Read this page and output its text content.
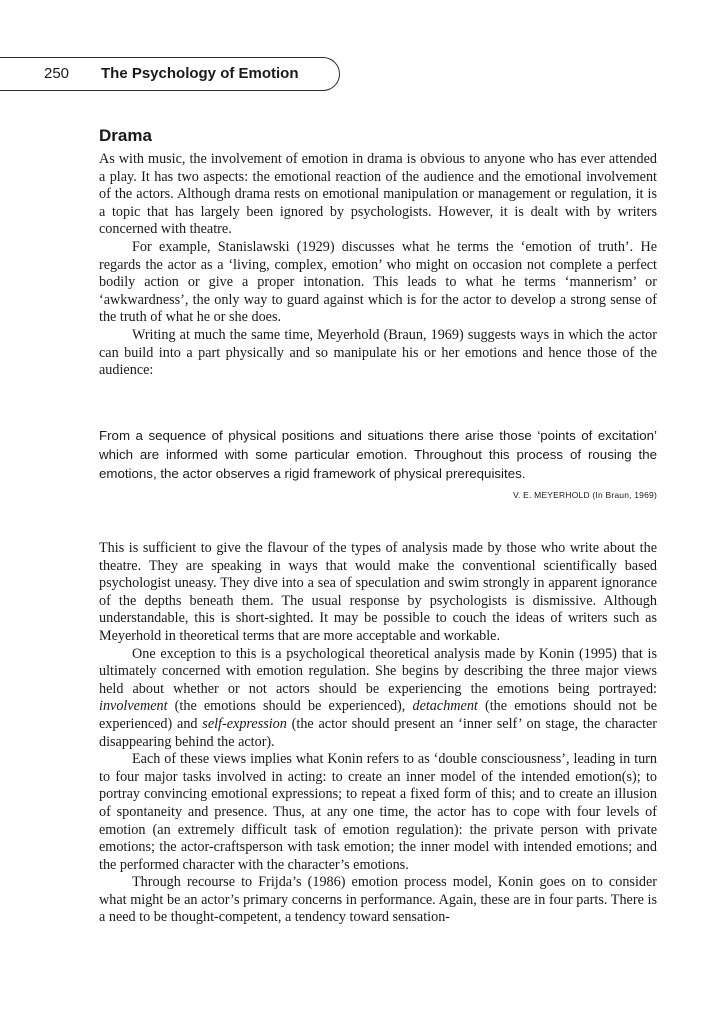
250 The Psychology of Emotion
Drama

As with music, the involvement of emotion in drama is obvious to anyone who has ever attended a play. It has two aspects: the emotional reaction of the audience and the emotional involvement of the actors. Although drama rests on emotional manipulation or management or regulation, it is a topic that has largely been ignored by psychologists. However, it is dealt with by writers concerned with theatre.

For example, Stanislawski (1929) discusses what he terms the ‘emotion of truth’. He regards the actor as a ‘living, complex, emotion’ who might on occasion not complete a perfect bodily action or give a proper intonation. This leads to what he terms ‘mannerism’ or ‘awkwardness’, the only way to guard against which is for the actor to develop a strong sense of the truth of what he or she does.

Writing at much the same time, Meyerhold (Braun, 1969) suggests ways in which the actor can build into a part physically and so manipulate his or her emotions and hence those of the audience:

From a sequence of physical positions and situations there arise those ‘points of excitation’ which are informed with some particular emotion. Throughout this process of rousing the emotions, the actor observes a rigid framework of physical prerequisites.

V. E. MEYERHOLD (In Braun, 1969)

This is sufficient to give the flavour of the types of analysis made by those who write about the theatre. They are speaking in ways that would make the conventional scientifically based psychologist uneasy. They dive into a sea of speculation and swim strongly in apparent ignorance of the depths beneath them. The usual response by psychologists is dismissive. Although understandable, this is short-sighted. It may be possible to couch the ideas of writers such as Meyerhold in theoretical terms that are more acceptable and workable.

One exception to this is a psychological theoretical analysis made by Konin (1995) that is ultimately concerned with emotion regulation. She begins by describing the three major views held about whether or not actors should be experiencing the emotions being portrayed: involvement (the emotions should be experienced), detachment (the emotions should not be experienced) and self-expression (the actor should present an ‘inner self’ on stage, the character disappearing behind the actor).

Each of these views implies what Konin refers to as ‘double consciousness’, leading in turn to four major tasks involved in acting: to create an inner model of the intended emotion(s); to portray convincing emotional expressions; to repeat a fixed form of this; and to create an illusion of spontaneity and presence. Thus, at any one time, the actor has to cope with four levels of emotion (an extremely difficult task of emotion regulation): the private person with private emotions; the actor-craftsperson with task emotion; the inner model with intended emotions; and the performed character with the character’s emotions.

Through recourse to Frijda’s (1986) emotion process model, Konin goes on to consider what might be an actor’s primary concerns in performance. Again, these are in four parts. There is a need to be thought-competent, a tendency toward sensation-
